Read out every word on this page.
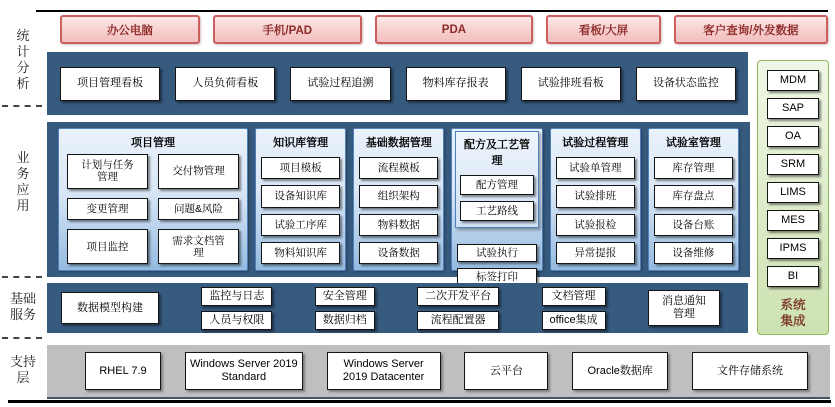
统计分析
业务应用
基础服务
支持层
办公电脑	手机/PAD	PDA	看板/大屏	客户查询/外发数据
项目管理看板	人员负荷看板	试验过程追溯	物料库存报表	试验排班看板	设备状态监控
项目管理
计划与任务管理
交付物管理
变更管理	问题&风险
项目监控
需求文档管理
知识库管理
项目模板
设备知识库
试验工序库
物料知识库
基础数据管理
流程模板
组织架构
物料数据
设备数据
配方及工艺管理
配方管理
工艺路线
试验执行
标签打印
试验过程管理
试验单管理
试验排班
试验报检
异常提报
试验室管理
库存管理
库存盘点
设备台账
设备维修
数据模型构建
监控与日志
人员与权限
安全管理
数据归档
二次开发平台
流程配置器
文档管理
office集成
消息通知管理
RHEL 7.9
Windows Server 2019 Standard
Windows Server 2019 Datacenter
云平台	Oracle数据库	文件存储系统
MDM
SAP
OA
SRM
LIMS
MES
IPMS
BI
系统集成
